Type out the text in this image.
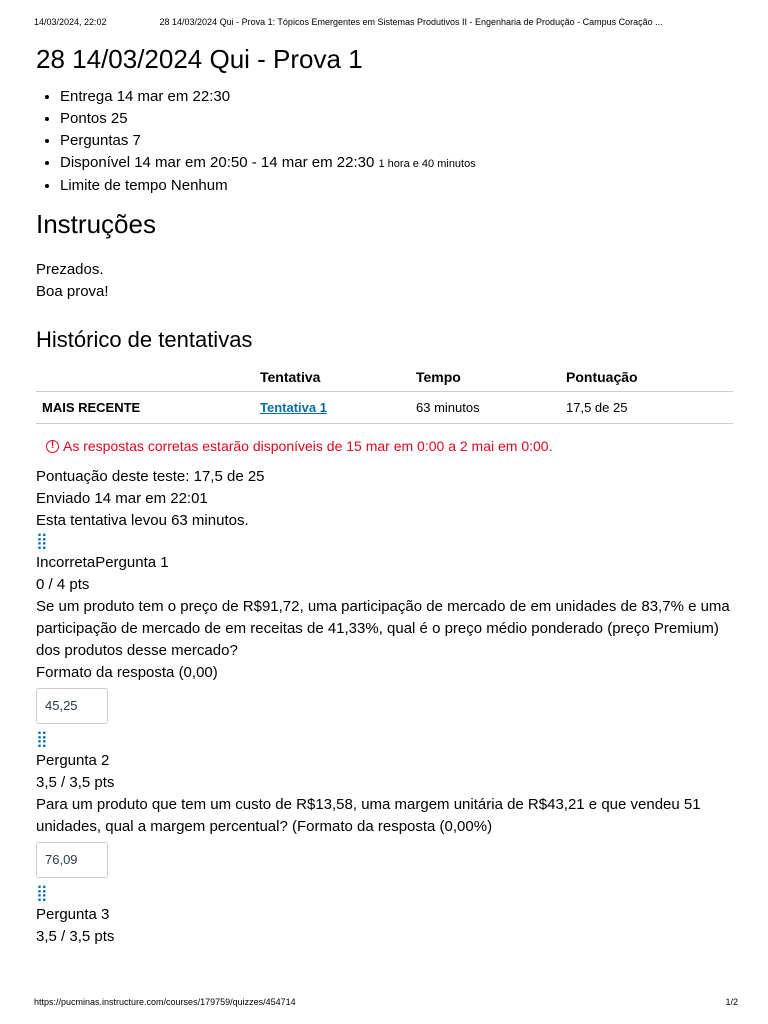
14/03/2024, 22:02	28 14/03/2024 Qui - Prova 1: Tópicos Emergentes em Sistemas Produtivos II - Engenharia de Produção - Campus Coração ...
28 14/03/2024 Qui - Prova 1
• Entrega 14 mar em 22:30
• Pontos 25
• Perguntas 7
• Disponível 14 mar em 20:50 - 14 mar em 22:30 1 hora e 40 minutos
• Limite de tempo Nenhum
Instruções

Prezados.

Boa prova!

Histórico de tentativas
	Tentativa	Tempo	Pontuação
MAIS RECENTE	Tentativa 1	63 minutos	17,5 de 25
! As respostas corretas estarão disponíveis de 15 mar em 0:00 a 2 mai em 0:00.

Pontuação deste teste: 17,5 de 25

Enviado 14 mar em 22:01

Esta tentativa levou 63 minutos.

⣿
IncorretaPergunta 1
0 / 4 pts

Se um produto tem o preço de R$91,72, uma participação de mercado de em unidades de 83,7% e uma participação de mercado de em receitas de 41,33%, qual é o preço médio ponderado (preço Premium) dos produtos desse mercado?

Formato da resposta (0,00)

45,25
⣿
Pergunta 2
3,5 / 3,5 pts

Para um produto que tem um custo de R$13,58, uma margem unitária de R$43,21 e que vendeu 51 unidades, qual a margem percentual? (Formato da resposta (0,00%)

76,09
⣿
Pergunta 3
3,5 / 3,5 pts
https://pucminas.instructure.com/courses/179759/quizzes/454714	1/2
